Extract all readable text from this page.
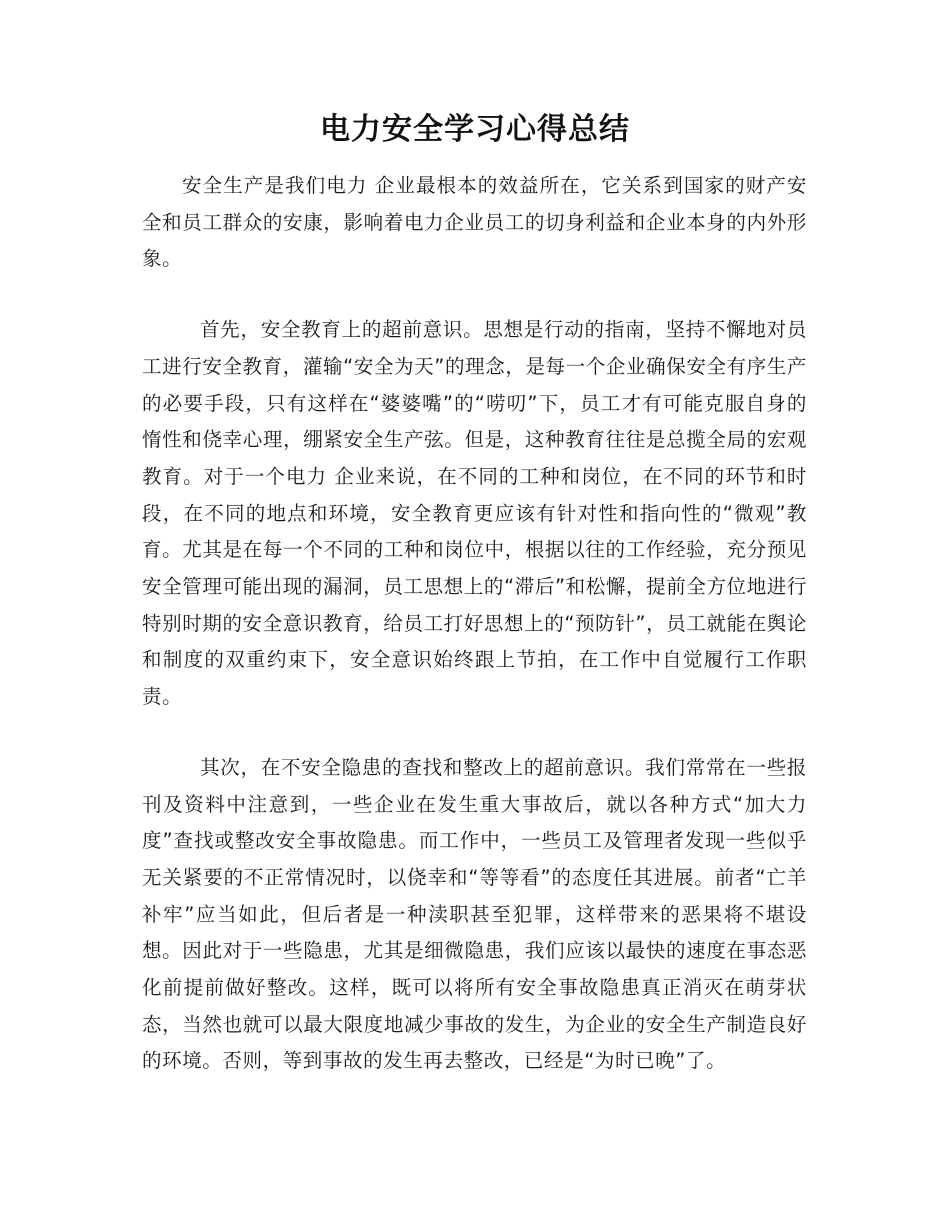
电力安全学习心得总结

安全生产是我们电力 企业最根本的效益所在，它关系到国家的财产安全和员工群众的安康，影响着电力企业员工的切身利益和企业本身的内外形象。

首先，安全教育上的超前意识。思想是行动的指南，坚持不懈地对员工进行安全教育，灌输“安全为天”的理念，是每一个企业确保安全有序生产的必要手段，只有这样在“婆婆嘴”的“唠叨”下，员工才有可能克服自身的惰性和侥幸心理，绷紧安全生产弦。但是，这种教育往往是总揽全局的宏观教育。对于一个电力 企业来说，在不同的工种和岗位，在不同的环节和时段，在不同的地点和环境，安全教育更应该有针对性和指向性的“微观”教育。尤其是在每一个不同的工种和岗位中，根据以往的工作经验，充分预见安全管理可能出现的漏洞，员工思想上的“滞后”和松懈，提前全方位地进行特别时期的安全意识教育，给员工打好思想上的“预防针”，员工就能在舆论和制度的双重约束下，安全意识始终跟上节拍，在工作中自觉履行工作职责。

其次，在不安全隐患的查找和整改上的超前意识。我们常常在一些报刊及资料中注意到，一些企业在发生重大事故后，就以各种方式“加大力度”查找或整改安全事故隐患。而工作中，一些员工及管理者发现一些似乎无关紧要的不正常情况时，以侥幸和“等等看”的态度任其进展。前者“亡羊补牢”应当如此，但后者是一种渎职甚至犯罪，这样带来的恶果将不堪设想。因此对于一些隐患，尤其是细微隐患，我们应该以最快的速度在事态恶化前提前做好整改。这样，既可以将所有安全事故隐患真正消灭在萌芽状态，当然也就可以最大限度地减少事故的发生，为企业的安全生产制造良好的环境。否则，等到事故的发生再去整改，已经是“为时已晚”了。
